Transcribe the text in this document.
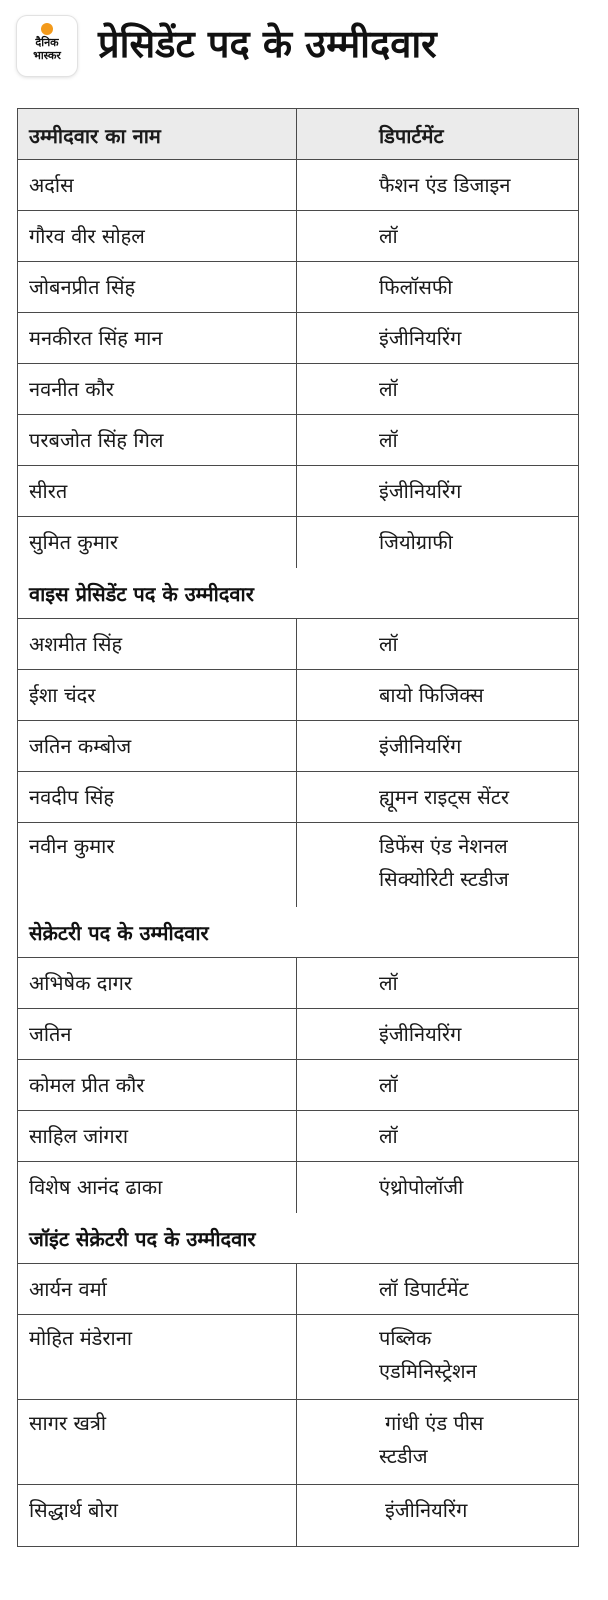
दैनिक
भास्कर प्रेसिडेंट पद के उम्मीदवार
उम्मीदवार का नाम	डिपार्टमेंट
अर्दास	फैशन एंड डिजाइन
गौरव वीर सोहल	लॉ
जोबनप्रीत सिंह	फिलॉसफी
मनकीरत सिंह मान	इंजीनियरिंग
नवनीत कौर	लॉ
परबजोत सिंह गिल	लॉ
सीरत	इंजीनियरिंग
सुमित कुमार	जियोग्राफी
वाइस प्रेसिडेंट पद के उम्मीदवार
अशमीत सिंह	लॉ
ईशा चंदर	बायो फिजिक्स
जतिन कम्बोज	इंजीनियरिंग
नवदीप सिंह	ह्यूमन राइट्स सेंटर
नवीन कुमार	डिफेंस एंड नेशनल
सिक्योरिटी स्टडीज
सेक्रेटरी पद के उम्मीदवार
अभिषेक दागर	लॉ
जतिन	इंजीनियरिंग
कोमल प्रीत कौर	लॉ
साहिल जांगरा	लॉ
विशेष आनंद ढाका	एंथ्रोपोलॉजी
जॉइंट सेक्रेटरी पद के उम्मीदवार
आर्यन वर्मा	लॉ डिपार्टमेंट
मोहित मंडेराना	पब्लिक
एडमिनिस्ट्रेशन
सागर खत्री	गांधी एंड पीस
स्टडीज
सिद्धार्थ बोरा	इंजीनियरिंग
